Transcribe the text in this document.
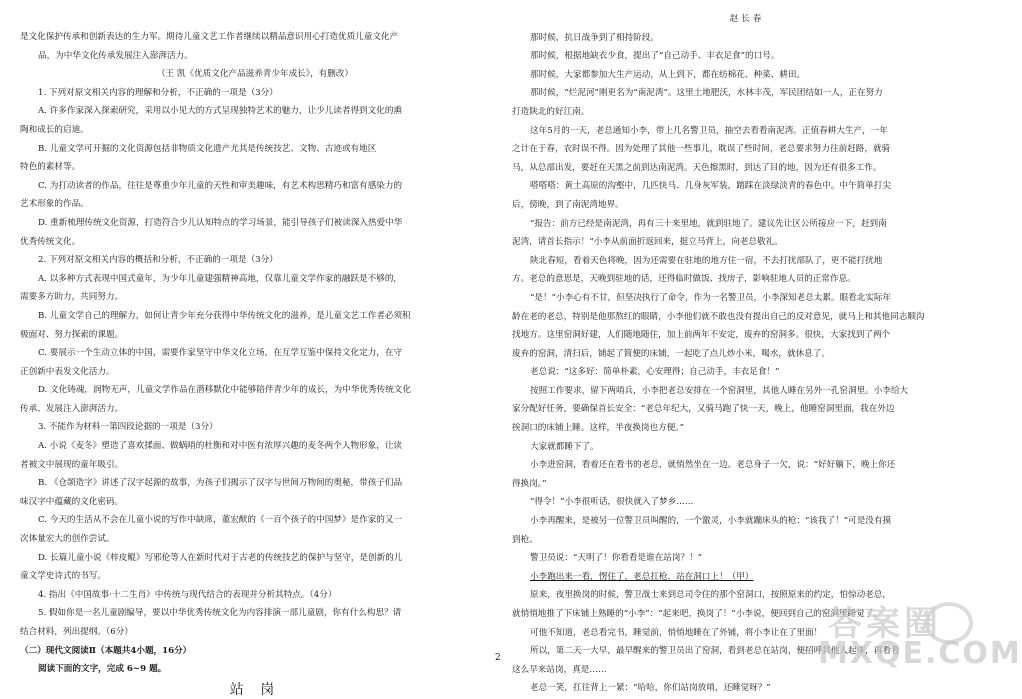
是文化保护传承和创新表达的生力军。期待儿童文艺工作者继续以精品意识用心打造优质儿童文化产
品，为中华文化传承发展注入澎湃活力。
（王 凯《优质文化产品滋养青少年成长》，有删改）
1. 下列对原文相关内容的理解和分析，不正确的一项是（3分）
A. 许多作家深入探索研究，采用以小见大的方式呈现独特艺术的魅力，让少儿读者得到文化的熏
陶和成长的启迪。
B. 儿童文学可开掘的文化资源包括非物质文化遗产尤其是传统技艺、文物、古迹或有地区
特色的素材等。
C. 为打动读者的作品，往往是尊重少年儿童的天性和审美趣味，有艺术构思精巧和富有感染力的
艺术形象的作品。
D. 重新梳理传统文化资源，打造符合少儿认知特点的学习场景，能引导孩子们被读深入热爱中华
优秀传统文化。
2. 下列对原文相关内容的概括和分析，不正确的一项是（3分）
A. 以多种方式表现中国式童年，为少年儿童建强精神高地，仅靠儿童文学作家的融跃是不够的，
需要多方助力，共同努力。
B. 儿童文学自己的理解力，如何让青少年充分获得中华传统文化的滋养，是儿童文艺工作者必须积
极面对、努力探索的课题。
C. 要展示一个生动立体的中国，需要作家坚守中华文化立场，在互学互鉴中保持文化定力，在守
正创新中表发文化活力。
D. 文化铸魂，润物无声，儿童文学作品在潜移默化中能够陪伴青少年的成长，为中华优秀传统文化
传承、发展注入澎湃活力。
3. 不能作为材料一第四段论据的一项是（3分）
A. 小说《麦冬》塑造了喜欢揉面、做蜗哨的杜衡和对中医有浓厚兴趣的麦冬两个人物形象，让读
者被文中展现的童年吸引。
B. 《仓颉造字》讲述了汉字起源的故事，为孩子们揭示了汉字与世间万物间的奥秘，带孩子们品
味汉字中蕴藏的文化密码。
C. 今天的生活从不会在儿童小说的写作中缺席，董宏猷的《一百个孩子的中国梦》是作家的又一
次体量宏大的创作尝试。
D. 长篇儿童小说《梓皮鲲》写邪伦等人在新时代对于古老的传统技艺的保护与坚守，是创新的儿
童文学史诗式的书写。
4. 指出《中国故事·十二生肖》中传统与现代结合的表现并分析其特点。（4分）
5. 假如你是一名儿童剧编导，要以中华优秀传统文化为内容排演一部儿童剧，你有什么构思？请
结合材料，列出提纲。（6分）
（二）现代文阅读Ⅱ（本题共4小题，16分）
阅读下面的文字，完成 6~9 题。
站 岗
赵长春
那时候，抗日战争到了相持阶段。
那时候，根据地缺衣少食，提出了“自己动手、丰衣足食”的口号。
那时候，大家都参加大生产运动，从上到下，都在纺棉花、种菜、耕田。
那时候，“烂泥河”刚更名为“南泥湾”。这里土地肥沃，水林丰茂，军民团结如一人，正在努力
打造陕北的好江南。
这年5月的一天，老总通知小李，带上几名警卫员，抽空去看看南泥湾。正值春耕大生产，一年
之计在于春，农时误不得。因为处理了其他一些事儿，耽误了些时间，老总要求努力往前赶路，就骑
马，从总部出发，要赶在天黑之前到达南泥湾。天色擦黑时，到达了目的地，因为还有很多工作。
嗒嗒嗒：黄土高原的沟壑中，几匹快马、几身灰军装，踏踩在淡绿淡青的春色中。中午简单打尖
后，傍晚，到了南泥湾地界。
“报告：前方已经是南泥湾，再有三十来里地，就到驻地了。建议先让区公所接应一下，赶到南
泥湾，请首长指示！”小李从前面折返回来，挺立马背上，向老总敬礼。
陕北春短，看着天色将晚，因为还需要在驻地的地方住一宿，不去打扰部队了，更不能打扰地
方。老总的意思是，天晚到驻地的话，还得临时做饭、找房子，影响驻地人员的正常作息。
“是！”小李心有不甘，但坚决执行了命令，作为一名警卫员，小李深知老总太累。眼看北实际年
龄在老的老总，特别是他那熬红的眼睛，小李他们就不敢也没有提出自己的反对意见，就马上和其他同志顺沟
找地方。这里窑洞好建，人们随地随住，加上前两年不安定，废弃的窑洞多。很快，大家找到了两个
废弃的窑洞，清扫后，铺起了简便的床铺，一起吃了点儿炒小米，喝水，就休息了。
老总说：“这多好：简单朴素，心安理得；自己动手，丰衣足食！”
按照工作要求，留下两哨兵，小李把老总安排在一个窑洞里，其他人睡在另外一孔窑洞里。小李给大
家分配好任务，要确保首长安全：“老总年纪大，又骑马跑了快一天，晚上，他睡窑洞里面，我在外边
挨洞口的床铺上睡。这样，半夜换岗也方便。”
大家就都睡下了。
小李进窑洞，看着还在看书的老总，就悄然坐在一边。老总身子一欠，说：“好好躺下，晚上你还
得换岗。”
“得令！”小李很听话，很快就入了梦乡……
小李再醒来，是被另一位警卫员叫醒的，一个激灵，小李就蹦床头的枪：“该我了！”可是没有摸
到枪。
警卫员说：“天明了！你看看是谁在站岗？！”
小李跑出来一看，愣住了，老总扛枪，站在洞口上！（甲）
原来，夜里换岗的时候，警卫战士来到总司令住的那个窑洞口，按照原来的约定，怕惊动老总，
就悄悄地推了下床铺上熟睡的“小李”：“起来吧，换岗了！”小李说，便回到自己的窑洞里睡觉了。
可他不知道，老总看完书，睡觉前，悄悄地睡在了外铺，将小李让在了里面！
所以，第二天一大早，最早醒来的警卫员出了窑洞，看到老总在站岗，便招呼其他人起床，再看看
这么早来站岗，真是……
老总一笑，扛往背上一紧：“哈哈，你们站岗放哨，还睡觉呀？”
2
答案圈
MXQE.COM
